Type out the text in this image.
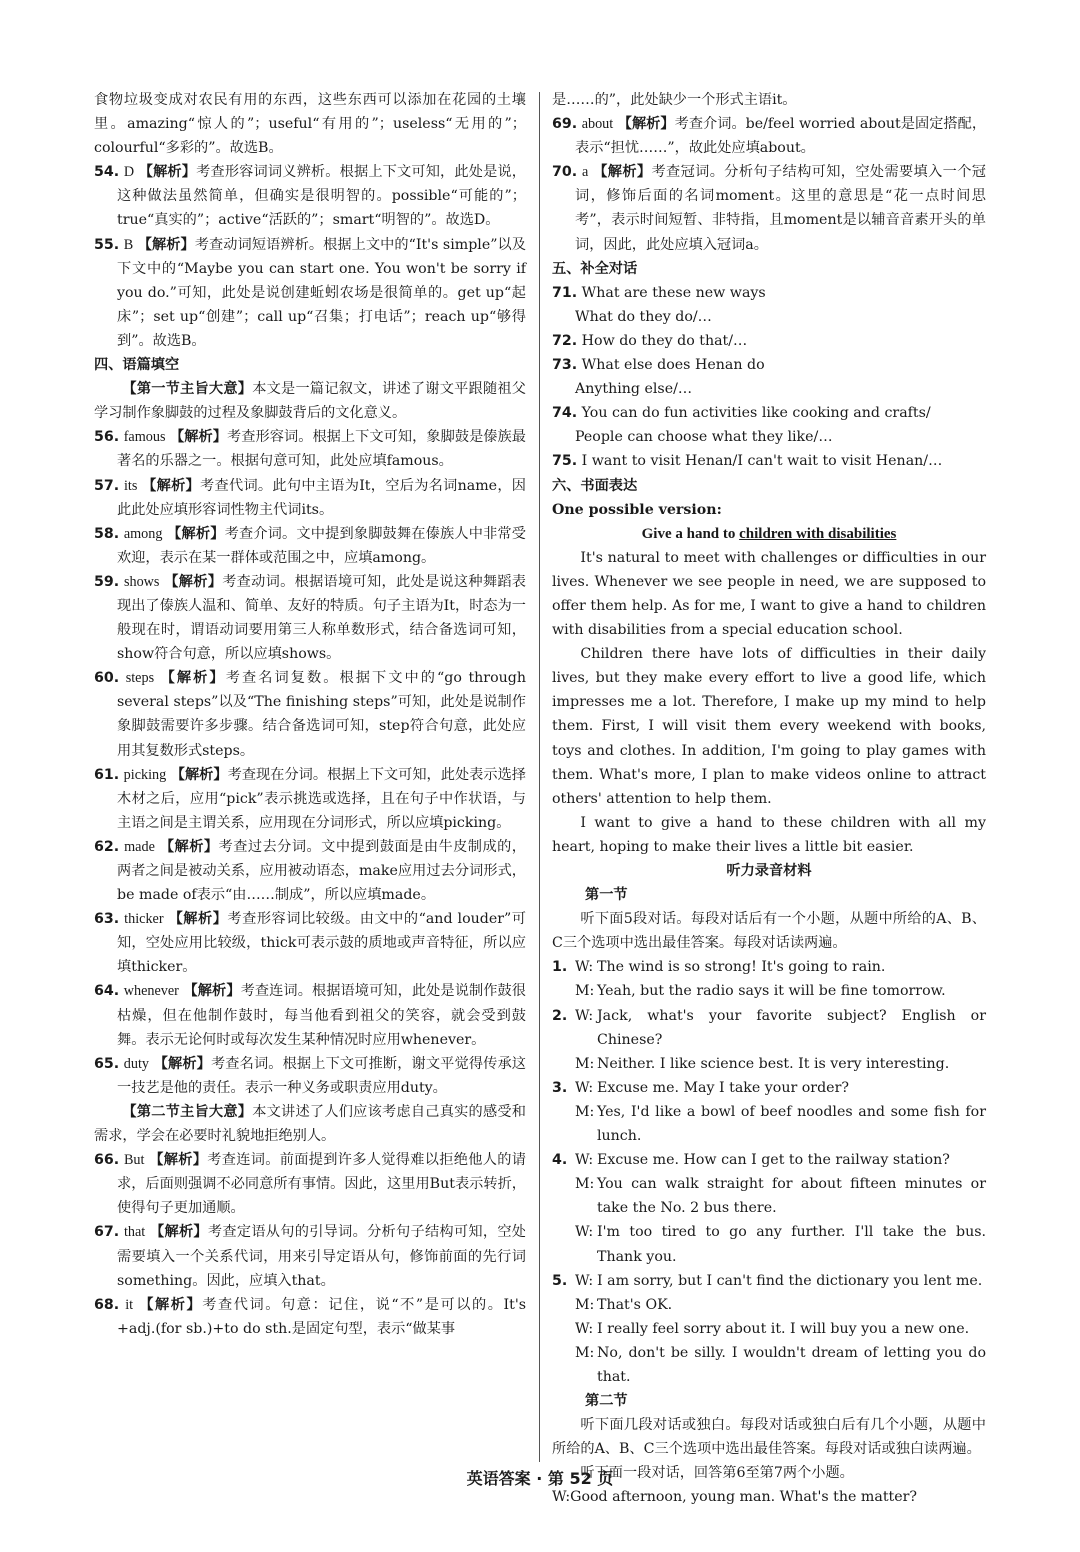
食物垃圾变成对农民有用的东西，这些东西可以添加在花园的土壤里。amazing“惊人的”；useful“有用的”；useless“无用的”；colourful“多彩的”。故选B。

54. D 【解析】考查形容词词义辨析。根据上下文可知，此处是说，这种做法虽然简单，但确实是很明智的。possible“可能的”；true“真实的”；active“活跃的”；smart“明智的”。故选D。

55. B 【解析】考查动词短语辨析。根据上文中的“It's simple”以及下文中的“Maybe you can start one. You won't be sorry if you do.”可知，此处是说创建蚯蚓农场是很简单的。get up“起床”；set up“创建”；call up“召集；打电话”；reach up“够得到”。故选B。

四、语篇填空

【第一节主旨大意】本文是一篇记叙文，讲述了谢文平跟随祖父学习制作象脚鼓的过程及象脚鼓背后的文化意义。

56. famous 【解析】考查形容词。根据上下文可知，象脚鼓是傣族最著名的乐器之一。根据句意可知，此处应填famous。

57. its 【解析】考查代词。此句中主语为It，空后为名词name，因此此处应填形容词性物主代词its。

58. among 【解析】考查介词。文中提到象脚鼓舞在傣族人中非常受欢迎，表示在某一群体或范围之中，应填among。

59. shows 【解析】考查动词。根据语境可知，此处是说这种舞蹈表现出了傣族人温和、简单、友好的特质。句子主语为It，时态为一般现在时，谓语动词要用第三人称单数形式，结合备选词可知，show符合句意，所以应填shows。

60. steps 【解析】考查名词复数。根据下文中的“go through several steps”以及“The finishing steps”可知，此处是说制作象脚鼓需要许多步骤。结合备选词可知，step符合句意，此处应用其复数形式steps。

61. picking 【解析】考查现在分词。根据上下文可知，此处表示选择木材之后，应用“pick”表示挑选或选择，且在句子中作状语，与主语之间是主谓关系，应用现在分词形式，所以应填picking。

62. made 【解析】考查过去分词。文中提到鼓面是由牛皮制成的，两者之间是被动关系，应用被动语态，make应用过去分词形式，be made of表示“由……制成”，所以应填made。

63. thicker 【解析】考查形容词比较级。由文中的“and louder”可知，空处应用比较级，thick可表示鼓的质地或声音特征，所以应填thicker。

64. whenever 【解析】考查连词。根据语境可知，此处是说制作鼓很枯燥，但在他制作鼓时，每当他看到祖父的笑容，就会受到鼓舞。表示无论何时或每次发生某种情况时应用whenever。

65. duty 【解析】考查名词。根据上下文可推断，谢文平觉得传承这一技艺是他的责任。表示一种义务或职责应用duty。

【第二节主旨大意】本文讲述了人们应该考虑自己真实的感受和需求，学会在必要时礼貌地拒绝别人。

66. But 【解析】考查连词。前面提到许多人觉得难以拒绝他人的请求，后面则强调不必同意所有事情。因此，这里用But表示转折，使得句子更加通顺。

67. that 【解析】考查定语从句的引导词。分析句子结构可知，空处需要填入一个关系代词，用来引导定语从句，修饰前面的先行词something。因此，应填入that。

68. it 【解析】考查代词。句意：记住，说“不”是可以的。It's +adj.(for sb.)+to do sth.是固定句型，表示“做某事

是……的”，此处缺少一个形式主语it。

69. about 【解析】考查介词。be/feel worried about是固定搭配，表示“担忧……”，故此处应填about。

70. a 【解析】考查冠词。分析句子结构可知，空处需要填入一个冠词，修饰后面的名词moment。这里的意思是“花一点时间思考”，表示时间短暂、非特指，且moment是以辅音音素开头的单词，因此，此处应填入冠词a。

五、补全对话

71. What are these new ways

What do they do/…

72. How do they do that/…

73. What else does Henan do

Anything else/…

74. You can do fun activities like cooking and crafts/

People can choose what they like/…

75. I want to visit Henan/I can't wait to visit Henan/…

六、书面表达

One possible version:

Give a hand to children with disabilities

It's natural to meet with challenges or difficulties in our lives. Whenever we see people in need, we are supposed to offer them help. As for me, I want to give a hand to children with disabilities from a special education school.

Children there have lots of difficulties in their daily lives, but they make every effort to live a good life, which impresses me a lot. Therefore, I make up my mind to help them. First, I will visit them every weekend with books, toys and clothes. In addition, I'm going to play games with them. What's more, I plan to make videos online to attract others' attention to help them.

I want to give a hand to these children with all my heart, hoping to make their lives a little bit easier.

听力录音材料

第一节

听下面5段对话。每段对话后有一个小题，从题中所给的A、B、C三个选项中选出最佳答案。每段对话读两遍。

1. W: The wind is so strong! It's going to rain.

M: Yeah, but the radio says it will be fine tomorrow.

2. W: Jack, what's your favorite subject? English or Chinese?

M: Neither. I like science best. It is very interesting.

3. W: Excuse me. May I take your order?

M: Yes, I'd like a bowl of beef noodles and some fish for lunch.

4. W: Excuse me. How can I get to the railway station?

M: You can walk straight for about fifteen minutes or take the No. 2 bus there.

W: I'm too tired to go any further. I'll take the bus. Thank you.

5. W: I am sorry, but I can't find the dictionary you lent me.

M: That's OK.

W: I really feel sorry about it. I will buy you a new one.

M: No, don't be silly. I wouldn't dream of letting you do that.

第二节

听下面几段对话或独白。每段对话或独白后有几个小题，从题中所给的A、B、C三个选项中选出最佳答案。每段对话或独白读两遍。

听下面一段对话，回答第6至第7两个小题。

W:Good afternoon, young man. What's the matter?

英语答案 · 第 52 页
